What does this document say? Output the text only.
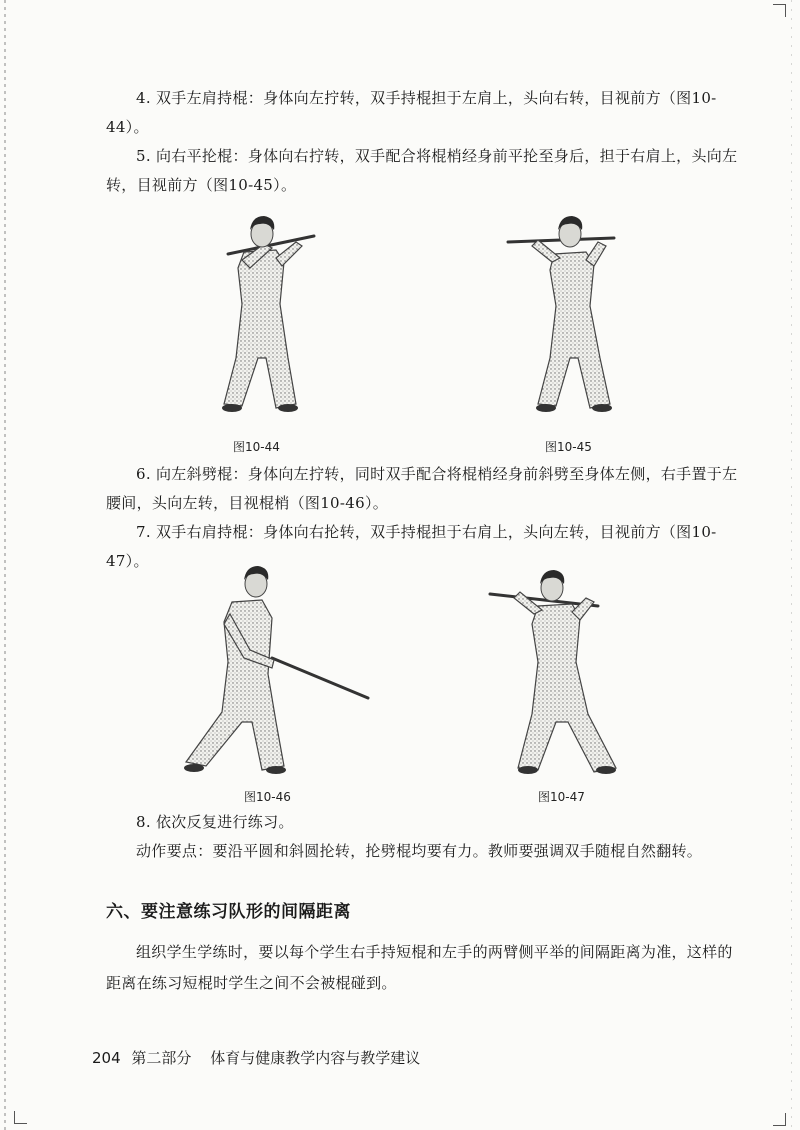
4. 双手左肩持棍：身体向左拧转，双手持棍担于左肩上，头向右转，目视前方（图10-44）。

5. 向右平抡棍：身体向右拧转，双手配合将棍梢经身前平抡至身后，担于右肩上，头向左转，目视前方（图10-45）。

图10-44	图10-45

6. 向左斜劈棍：身体向左拧转，同时双手配合将棍梢经身前斜劈至身体左侧，右手置于左腰间，头向左转，目视棍梢（图10-46）。

7. 双手右肩持棍：身体向右抡转，双手持棍担于右肩上，头向左转，目视前方（图10-47）。

图10-46	图10-47

8. 依次反复进行练习。

动作要点：要沿平圆和斜圆抡转，抡劈棍均要有力。教师要强调双手随棍自然翻转。

六、要注意练习队形的间隔距离

组织学生学练时，要以每个学生右手持短棍和左手的两臂侧平举的间隔距离为准，这样的距离在练习短棍时学生之间不会被棍碰到。

204 第二部分 体育与健康教学内容与教学建议
